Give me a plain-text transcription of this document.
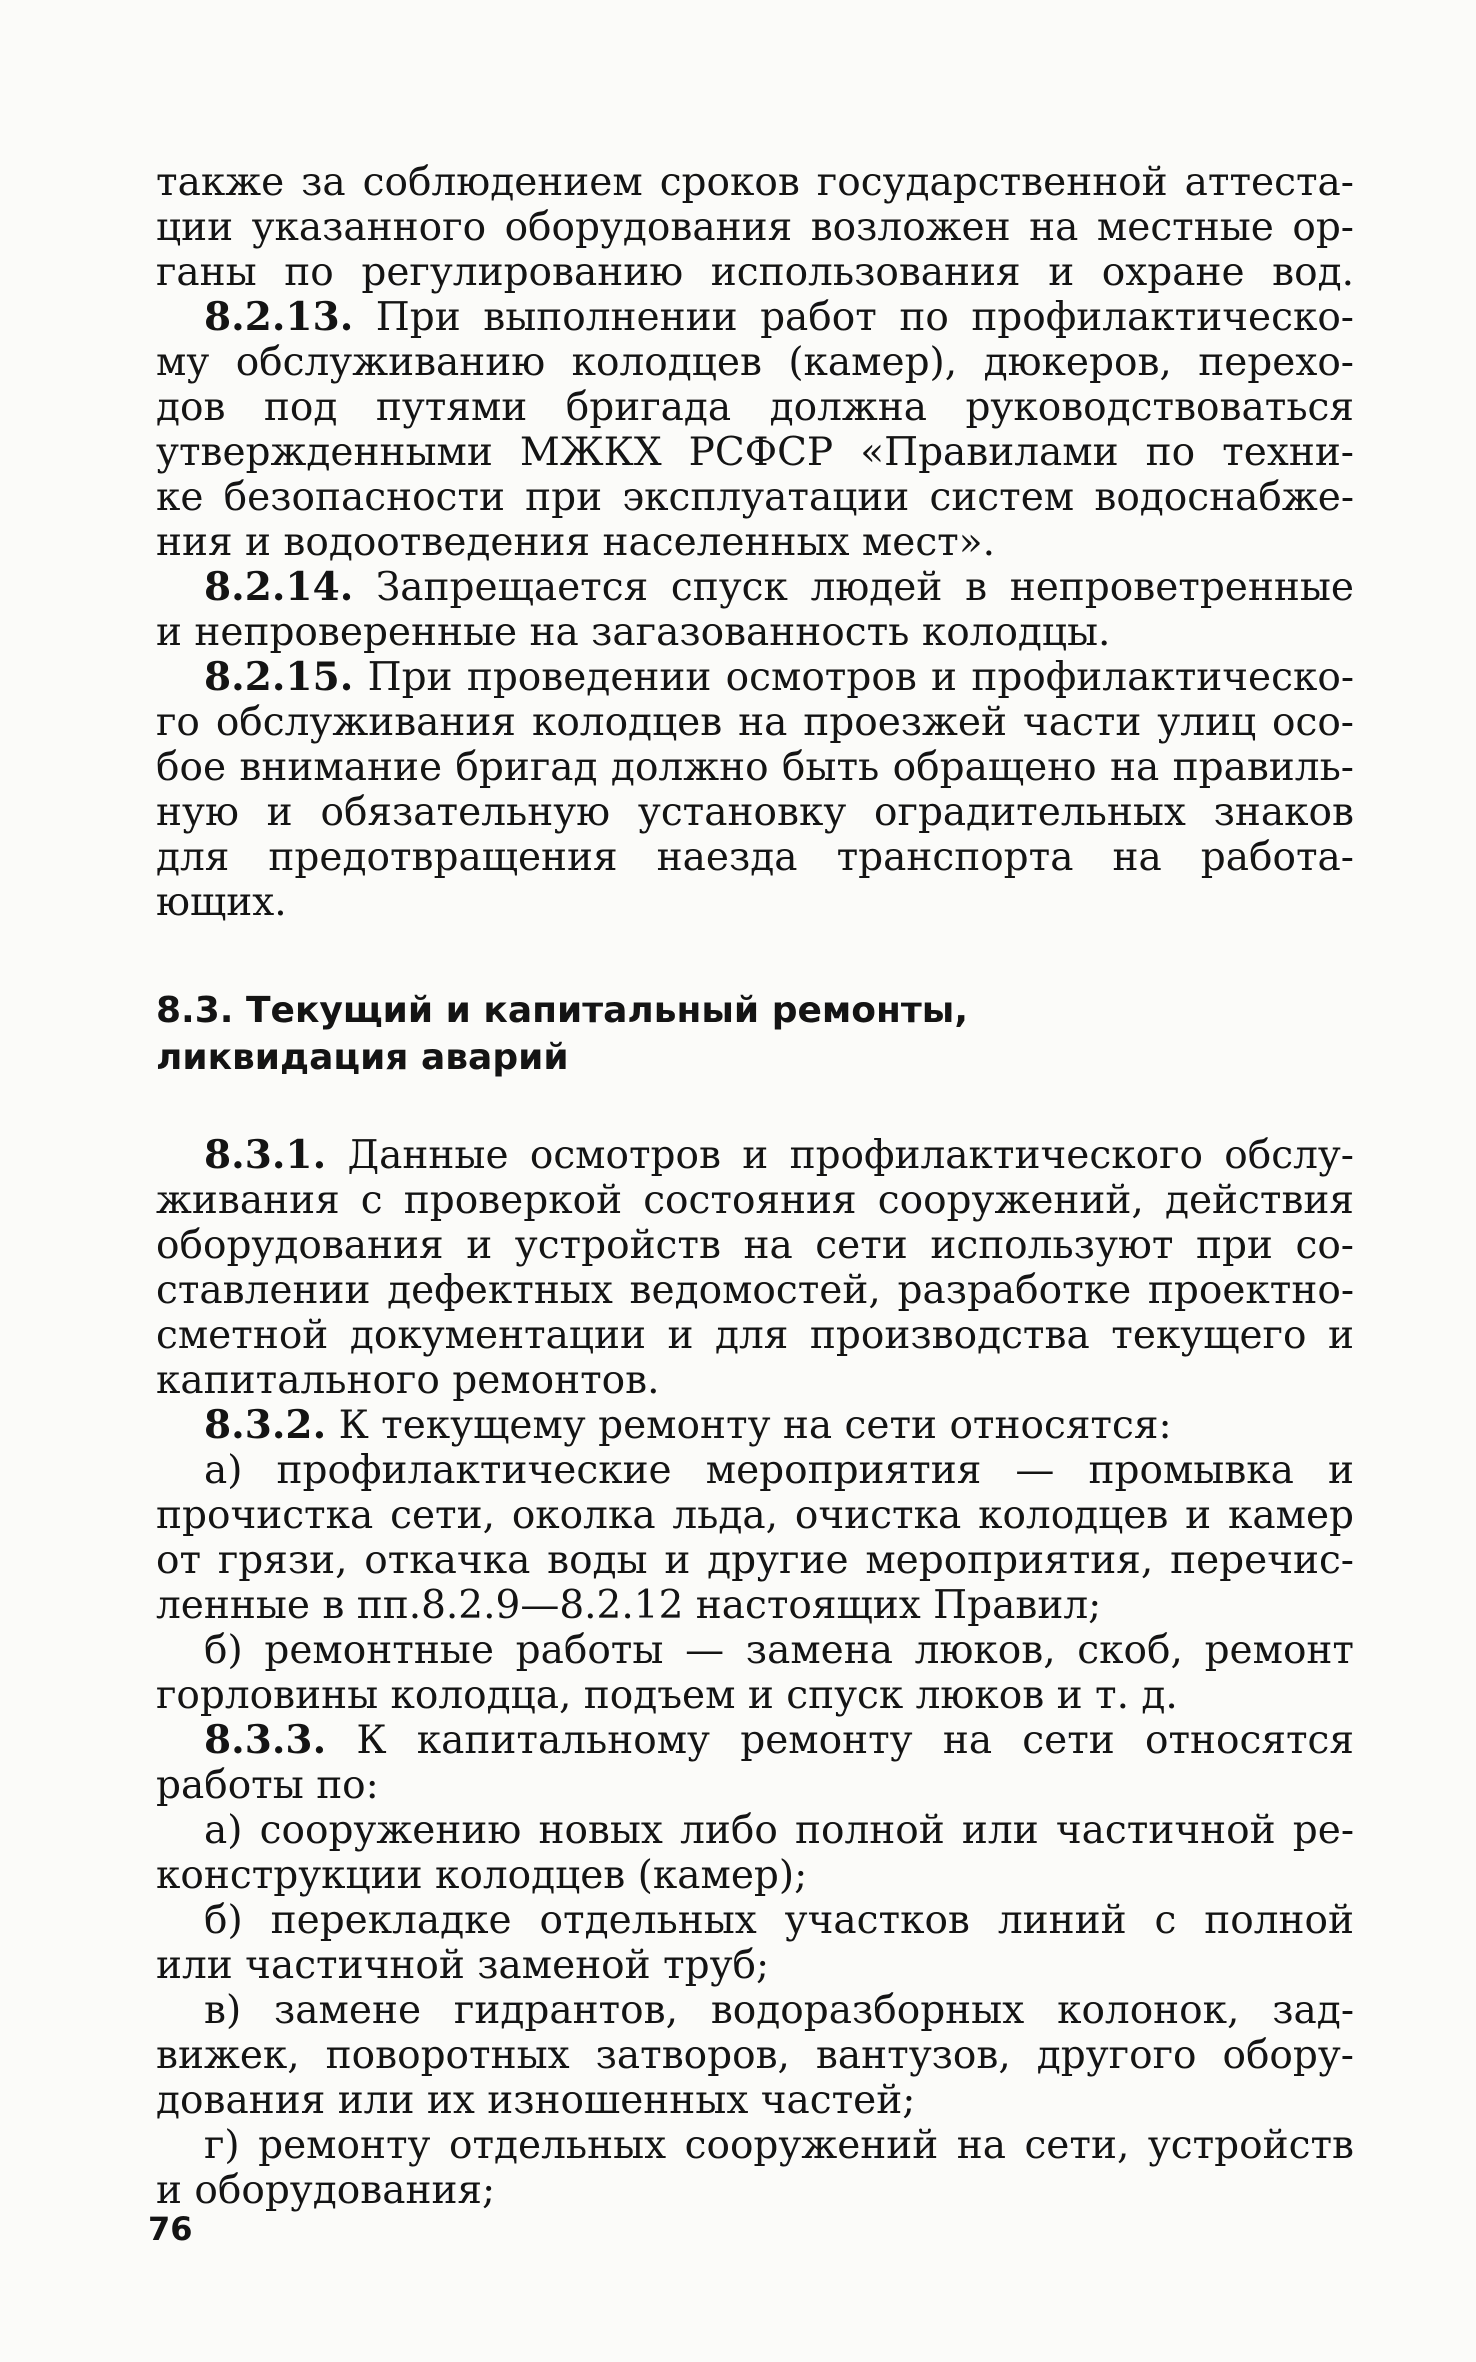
также за соблюдением сроков государственной аттеста-
ции указанного оборудования возложен на местные ор-
ганы по регулированию использования и охране вод.
8.2.13. При выполнении работ по профилактическо-
му обслуживанию колодцев (камер), дюкеров, перехо-
дов под путями бригада должна руководствоваться
утвержденными МЖКХ РСФСР «Правилами по техни-
ке безопасности при эксплуатации систем водоснабже-
ния и водоотведения населенных мест».
8.2.14. Запрещается спуск людей в непроветренные
и непроверенные на загазованность колодцы.
8.2.15. При проведении осмотров и профилактическо-
го обслуживания колодцев на проезжей части улиц осо-
бое внимание бригад должно быть обращено на правиль-
ную и обязательную установку оградительных знаков
для предотвращения наезда транспорта на работа-
ющих.
8.3. Текущий и капитальный ремонты,
ликвидация аварий
8.3.1. Данные осмотров и профилактического обслу-
живания с проверкой состояния сооружений, действия
оборудования и устройств на сети используют при со-
ставлении дефектных ведомостей, разработке проектно-
сметной документации и для производства текущего и
капитального ремонтов.
8.3.2. К текущему ремонту на сети относятся:
а) профилактические мероприятия — промывка и
прочистка сети, околка льда, очистка колодцев и камер
от грязи, откачка воды и другие мероприятия, перечис-
ленные в пп.8.2.9—8.2.12 настоящих Правил;
б) ремонтные работы — замена люков, скоб, ремонт
горловины колодца, подъем и спуск люков и т. д.
8.3.3. К капитальному ремонту на сети относятся
работы по:
а) сооружению новых либо полной или частичной ре-
конструкции колодцев (камер);
б) перекладке отдельных участков линий с полной
или частичной заменой труб;
в) замене гидрантов, водоразборных колонок, зад-
вижек, поворотных затворов, вантузов, другого обору-
дования или их изношенных частей;
г) ремонту отдельных сооружений на сети, устройств
и оборудования;
76
